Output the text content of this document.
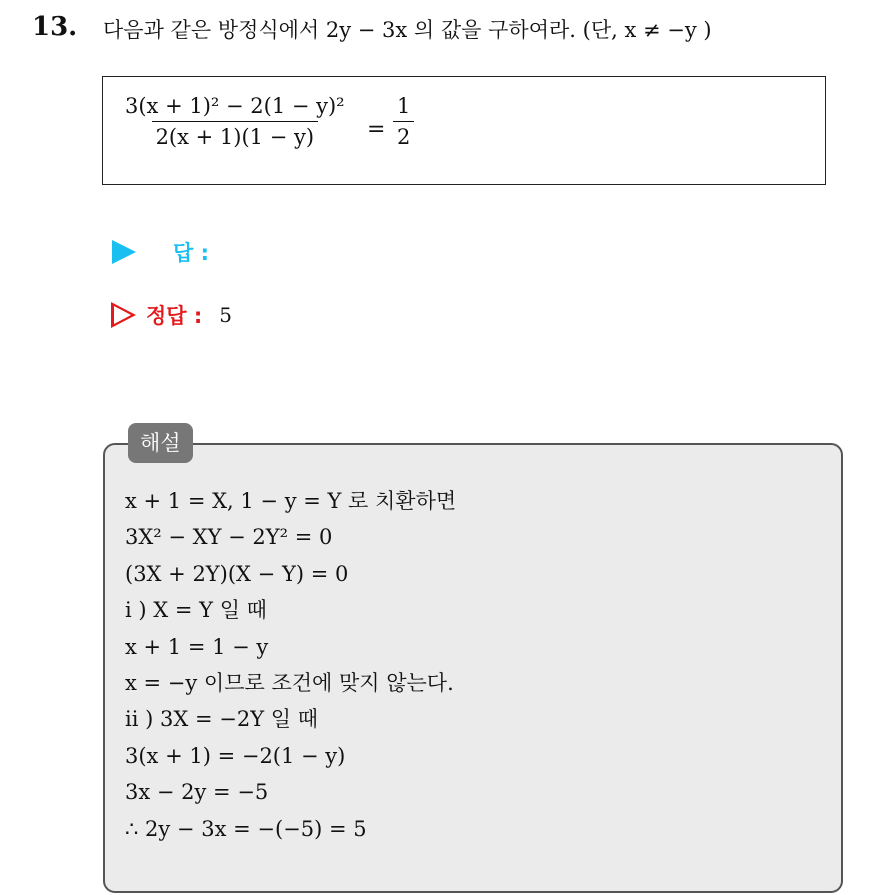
13. 다음과 같은 방정식에서 2y − 3x 의 값을 구하여라. (단, x ≠ −y )
$\frac{\text{3(x + 1)² − 2(1 − y)²}}{2(x + 1)(1 - y)} = \frac{1}{2}$
답 :
정답 : 5
해설
x + 1 = X, 1 − y = Y 로 치환하면
3X² − XY − 2Y² = 0
(3X + 2Y)(X − Y) = 0
i ) X = Y 일 때
x + 1 = 1 − y
x = −y 이므로 조건에 맞지 않는다.
ii ) 3X = −2Y 일 때
3(x + 1) = −2(1 − y)
3x − 2y = −5
∴ 2y − 3x = −(−5) = 5
